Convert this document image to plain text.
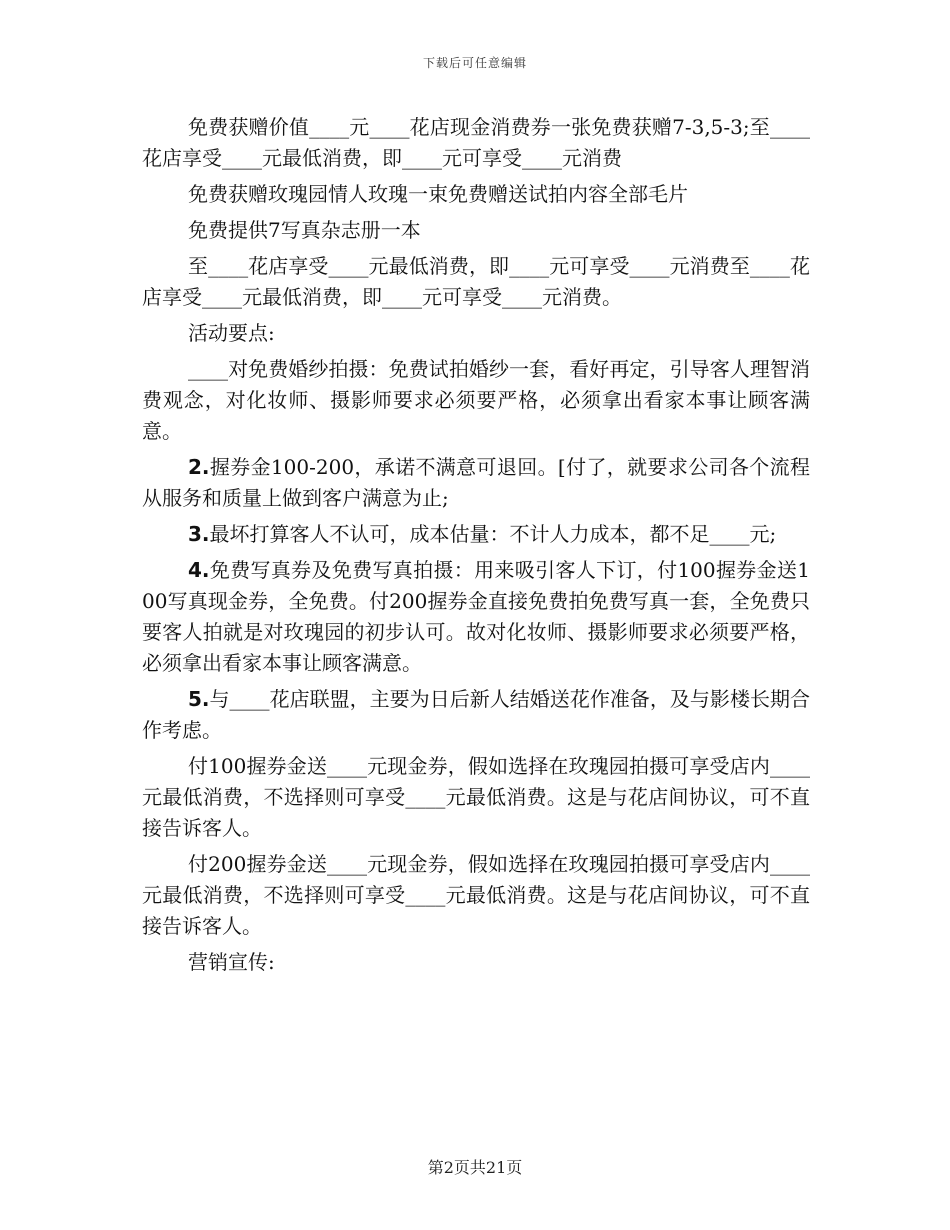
下载后可任意编辑

免费获赠价值____元____花店现金消费券一张免费获赠7-3,5-3;至____花店享受____元最低消费，即____元可享受____元消费

免费获赠玫瑰园情人玫瑰一束免费赠送试拍内容全部毛片

免费提供7写真杂志册一本

至____花店享受____元最低消费，即____元可享受____元消费至____花店享受____元最低消费，即____元可享受____元消费。

活动要点:

____对免费婚纱拍摄：免费试拍婚纱一套，看好再定，引导客人理智消费观念，对化妆师、摄影师要求必须要严格，必须拿出看家本事让顾客满意。

2.握券金100-200，承诺不满意可退回。[付了，就要求公司各个流程从服务和质量上做到客户满意为止;

3.最坏打算客人不认可，成本估量：不计人力成本，都不足____元;

4.免费写真券及免费写真拍摄：用来吸引客人下订，付100握券金送100写真现金券，全免费。付200握券金直接免费拍免费写真一套，全免费只要客人拍就是对玫瑰园的初步认可。故对化妆师、摄影师要求必须要严格，必须拿出看家本事让顾客满意。

5.与____花店联盟，主要为日后新人结婚送花作准备，及与影楼长期合作考虑。

付100握券金送____元现金券，假如选择在玫瑰园拍摄可享受店内____元最低消费，不选择则可享受____元最低消费。这是与花店间协议，可不直接告诉客人。

付200握券金送____元现金券，假如选择在玫瑰园拍摄可享受店内____元最低消费，不选择则可享受____元最低消费。这是与花店间协议，可不直接告诉客人。

营销宣传:

第2页共21页
